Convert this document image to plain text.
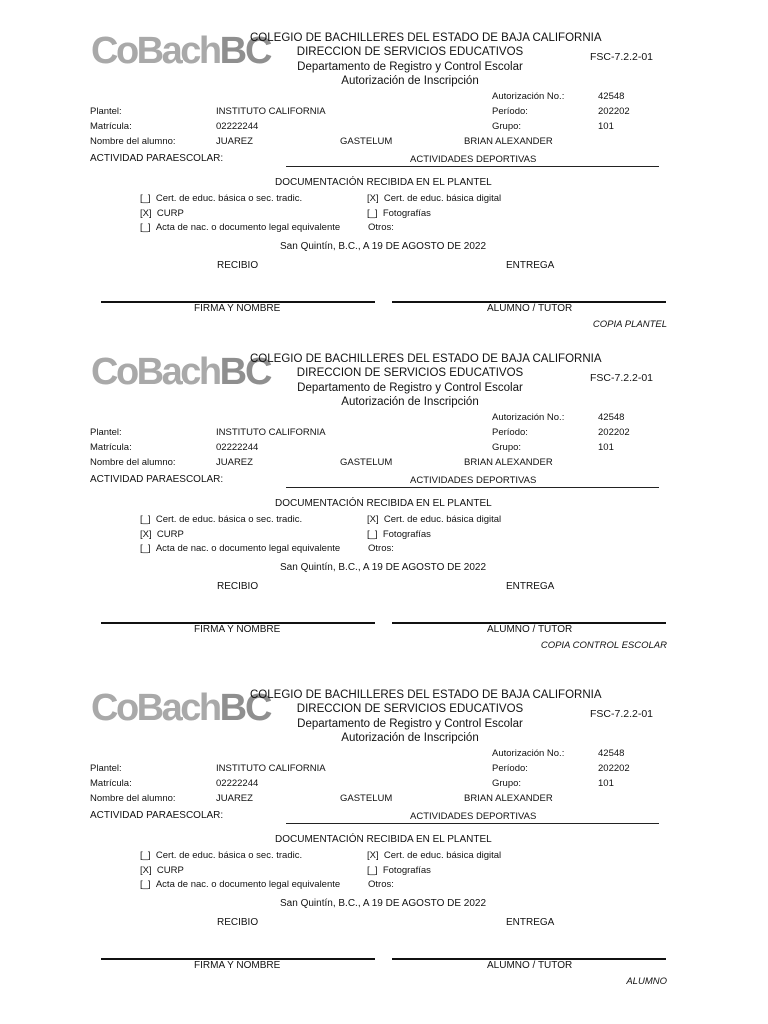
CoBachBC
COLEGIO DE BACHILLERES DEL ESTADO DE BAJA CALIFORNIA
DIRECCION DE SERVICIOS EDUCATIVOS
Departamento de Registro y Control Escolar
Autorización de Inscripción
FSC-7.2.2-01
Autorización No.:	42548
Plantel:	INSTITUTO CALIFORNIA	Período:	202202
Matrícula:	02222244	Grupo:	101
Nombre del alumno:	JUAREZ	GASTELUM	BRIAN ALEXANDER
ACTIVIDAD PARAESCOLAR:	ACTIVIDADES DEPORTIVAS
DOCUMENTACIÓN RECIBIDA EN EL PLANTEL
[_] Cert. de educ. básica o sec. tradic.	[X] Cert. de educ. básica digital
[X] CURP	[_] Fotografías
[_] Acta de nac. o documento legal equivalente	Otros:
San Quintín, B.C., A 19 DE AGOSTO DE 2022
RECIBIO	ENTREGA
FIRMA Y NOMBRE	ALUMNO / TUTOR
COPIA PLANTEL
CoBachBC
COLEGIO DE BACHILLERES DEL ESTADO DE BAJA CALIFORNIA
DIRECCION DE SERVICIOS EDUCATIVOS
Departamento de Registro y Control Escolar
Autorización de Inscripción
FSC-7.2.2-01
Autorización No.:	42548
Plantel:	INSTITUTO CALIFORNIA	Período:	202202
Matrícula:	02222244	Grupo:	101
Nombre del alumno:	JUAREZ	GASTELUM	BRIAN ALEXANDER
ACTIVIDAD PARAESCOLAR:	ACTIVIDADES DEPORTIVAS
DOCUMENTACIÓN RECIBIDA EN EL PLANTEL
[_] Cert. de educ. básica o sec. tradic.	[X] Cert. de educ. básica digital
[X] CURP	[_] Fotografías
[_] Acta de nac. o documento legal equivalente	Otros:
San Quintín, B.C., A 19 DE AGOSTO DE 2022
RECIBIO	ENTREGA
FIRMA Y NOMBRE	ALUMNO / TUTOR
COPIA CONTROL ESCOLAR
CoBachBC
COLEGIO DE BACHILLERES DEL ESTADO DE BAJA CALIFORNIA
DIRECCION DE SERVICIOS EDUCATIVOS
Departamento de Registro y Control Escolar
Autorización de Inscripción
FSC-7.2.2-01
Autorización No.:	42548
Plantel:	INSTITUTO CALIFORNIA	Período:	202202
Matrícula:	02222244	Grupo:	101
Nombre del alumno:	JUAREZ	GASTELUM	BRIAN ALEXANDER
ACTIVIDAD PARAESCOLAR:	ACTIVIDADES DEPORTIVAS
DOCUMENTACIÓN RECIBIDA EN EL PLANTEL
[_] Cert. de educ. básica o sec. tradic.	[X] Cert. de educ. básica digital
[X] CURP	[_] Fotografías
[_] Acta de nac. o documento legal equivalente	Otros:
San Quintín, B.C., A 19 DE AGOSTO DE 2022
RECIBIO	ENTREGA
FIRMA Y NOMBRE	ALUMNO / TUTOR
ALUMNO
